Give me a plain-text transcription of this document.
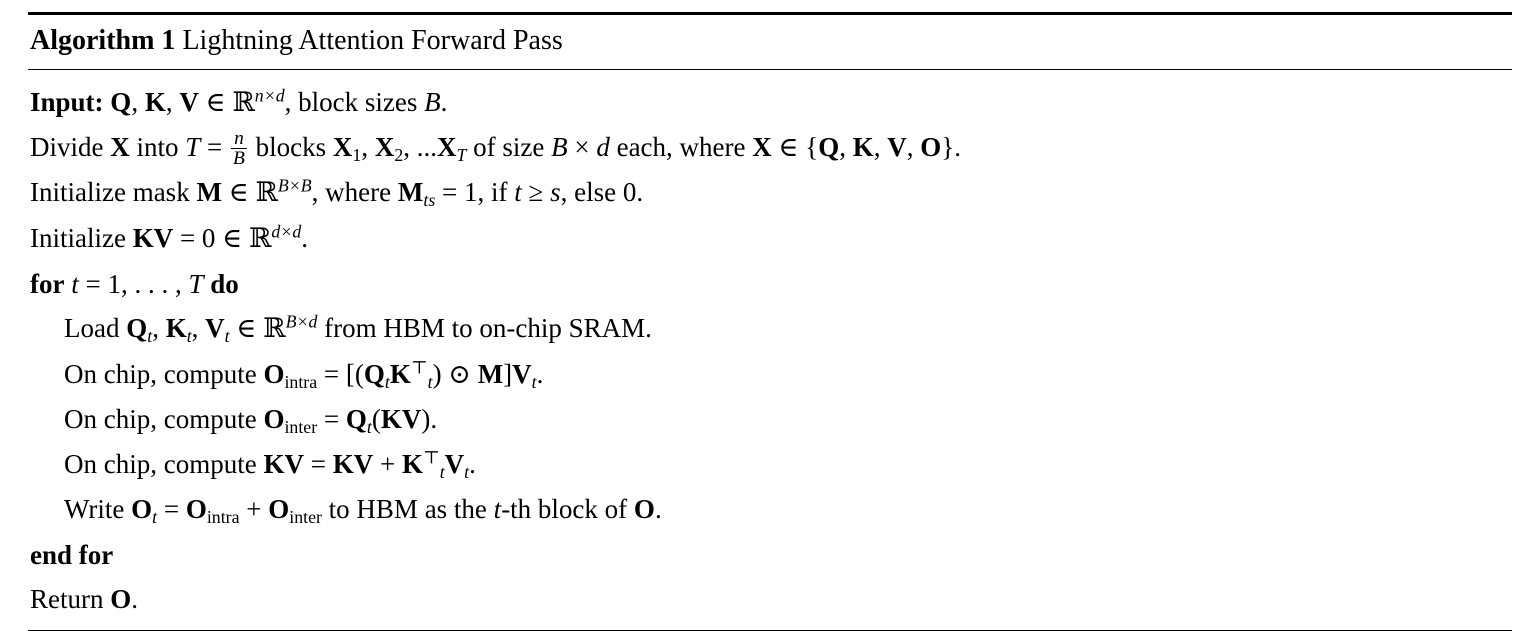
Algorithm 1 Lightning Attention Forward Pass
Input: Q, K, V ∈ ℝ$^{n\times d}$, block sizes B.
Divide X into $T = \frac{n}{B}$ blocks X1, X2, $...X_T$ of size B × d each, where X ∈ {Q, K, V, O}.
Initialize mask M ∈ ℝ$^{B\times B}$, where $M_{ts} = 1$, if t ≥ s, else 0.
Initialize KV = 0 ∈ ℝ$^{d\times d}$.
for t = 1, . . . , T do
Load $Q_t$, $K_t$, $V_t$ ∈ ℝ$^{B\times d}$ from HBM to on-chip SRAM.
On chip, compute Ointra = [$(Q_tK^⊤_t)$ ⊙ $M]V_t$.
On chip, compute Ointer = $Q_t(KV)$.
On chip, compute KV = KV + $K^⊤_tV_t$.
Write $O_t$ = Ointra + Ointer to HBM as the t-th block of O.
end for
Return O.
